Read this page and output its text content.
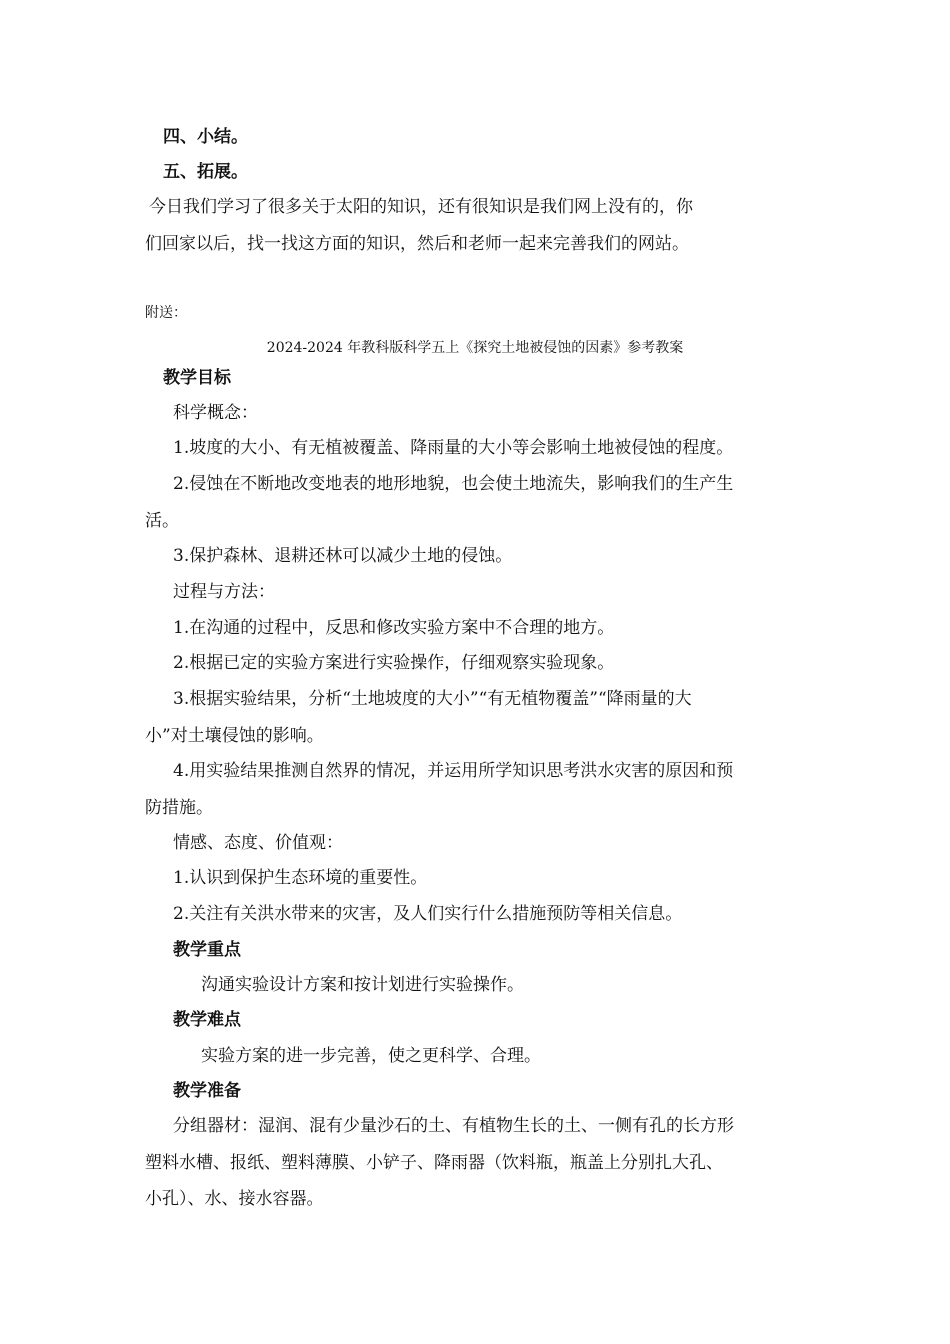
四、小结。
五、拓展。
今日我们学习了很多关于太阳的知识，还有很知识是我们网上没有的，你
们回家以后，找一找这方面的知识，然后和老师一起来完善我们的网站。
附送：
2024-2024 年教科版科学五上《探究土地被侵蚀的因素》参考教案
教学目标
科学概念：
1.坡度的大小、有无植被覆盖、降雨量的大小等会影响土地被侵蚀的程度。
2.侵蚀在不断地改变地表的地形地貌，也会使土地流失，影响我们的生产生
活。
3.保护森林、退耕还林可以减少土地的侵蚀。
过程与方法：
1.在沟通的过程中，反思和修改实验方案中不合理的地方。
2.根据已定的实验方案进行实验操作，仔细观察实验现象。
3.根据实验结果，分析“土地坡度的大小”“有无植物覆盖”“降雨量的大
小”对土壤侵蚀的影响。
4.用实验结果推测自然界的情况，并运用所学知识思考洪水灾害的原因和预
防措施。
情感、态度、价值观：
1.认识到保护生态环境的重要性。
2.关注有关洪水带来的灾害，及人们实行什么措施预防等相关信息。
教学重点
沟通实验设计方案和按计划进行实验操作。
教学难点
实验方案的进一步完善，使之更科学、合理。
教学准备
分组器材：湿润、混有少量沙石的土、有植物生长的土、一侧有孔的长方形
塑料水槽、报纸、塑料薄膜、小铲子、降雨器（饮料瓶，瓶盖上分别扎大孔、
小孔）、水、接水容器。
